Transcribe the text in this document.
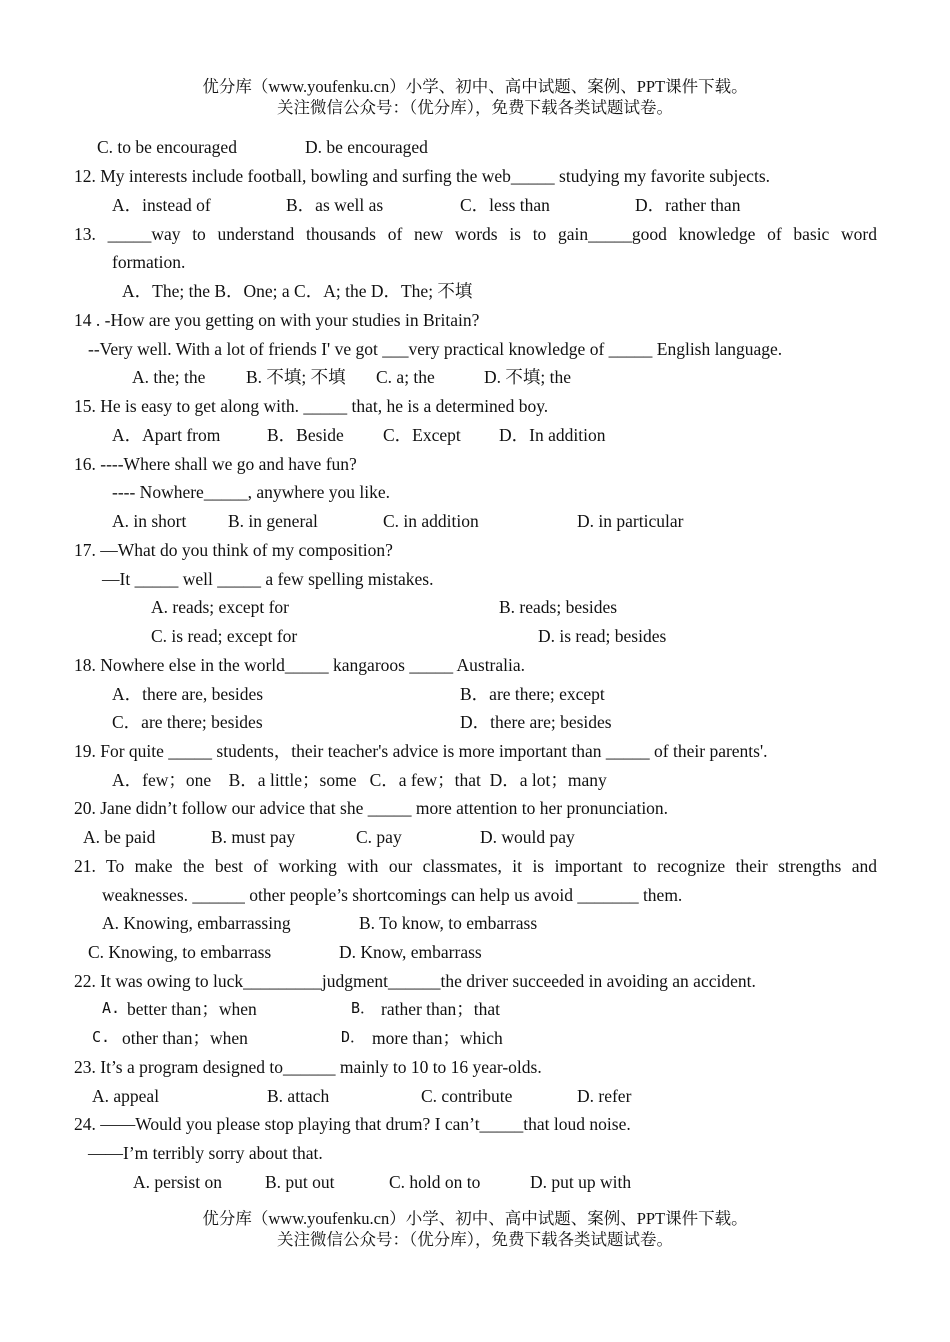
优分库（www.youfenku.cn）小学、初中、高中试题、案例、PPT课件下载。
关注微信公众号：（优分库），免费下载各类试题试卷。
C. to be encouraged	D. be encouraged
12. My interests include football, bowling and surfing the web_____ studying my favorite subjects.
A．instead of	B．as well as	C．less than	D．rather than
13. _____way to understand thousands of new words is to gain_____good knowledge of basic word
formation.
A．The; the B．One; a C．A; the D．The; 不填
14 . -How are you getting on with your studies in Britain?
--Very well. With a lot of friends I' ve got ___very practical knowledge of _____ English language.
A. the; the B. 不填; 不填 C. a; the	D. 不填; the
15. He is easy to get along with. _____ that, he is a determined boy.
A．Apart from	B．Beside C．Except D．In addition
16. ----Where shall we go and have fun?
---- Nowhere_____, anywhere you like.
A. in short B. in general	C. in addition	D. in particular
17. —What do you think of my composition?
—It _____ well _____ a few spelling mistakes.
A. reads; except for	B. reads; besides
C. is read; except for	D. is read; besides
18. Nowhere else in the world_____ kangaroos _____ Australia.
A．there are, besides	B．are there; except
C．are there; besides	D．there are; besides
19. For quite _____ students，their teacher's advice is more important than _____ of their parents'.
A．few；one    B．a little；some   C．a few；that  D．a lot；many
20. Jane didn’t follow our advice that she _____ more attention to her pronunciation.
A. be paid	B. must pay	C. pay	D. would pay
21. To make the best of working with our classmates, it is important to recognize their strengths and
weaknesses. ______ other people’s shortcomings can help us avoid _______ them.
A. Knowing, embarrassing	B. To know, to embarrass
C. Knowing, to embarrass	D. Know, embarrass
22. It was owing to luck_________judgment______the driver succeeded in avoiding an accident.
A. better than；when	B． rather than；that
C. other than；when	D． more than；which
23. It’s a program designed to______ mainly to 10 to 16 year-olds.
A. appeal	B. attach	C. contribute	D. refer
24. ——Would you please stop playing that drum? I can’t_____that loud noise.
——I’m terribly sorry about that.
A. persist on B. put out	C. hold on to	D. put up with
优分库（www.youfenku.cn）小学、初中、高中试题、案例、PPT课件下载。
关注微信公众号：（优分库），免费下载各类试题试卷。
